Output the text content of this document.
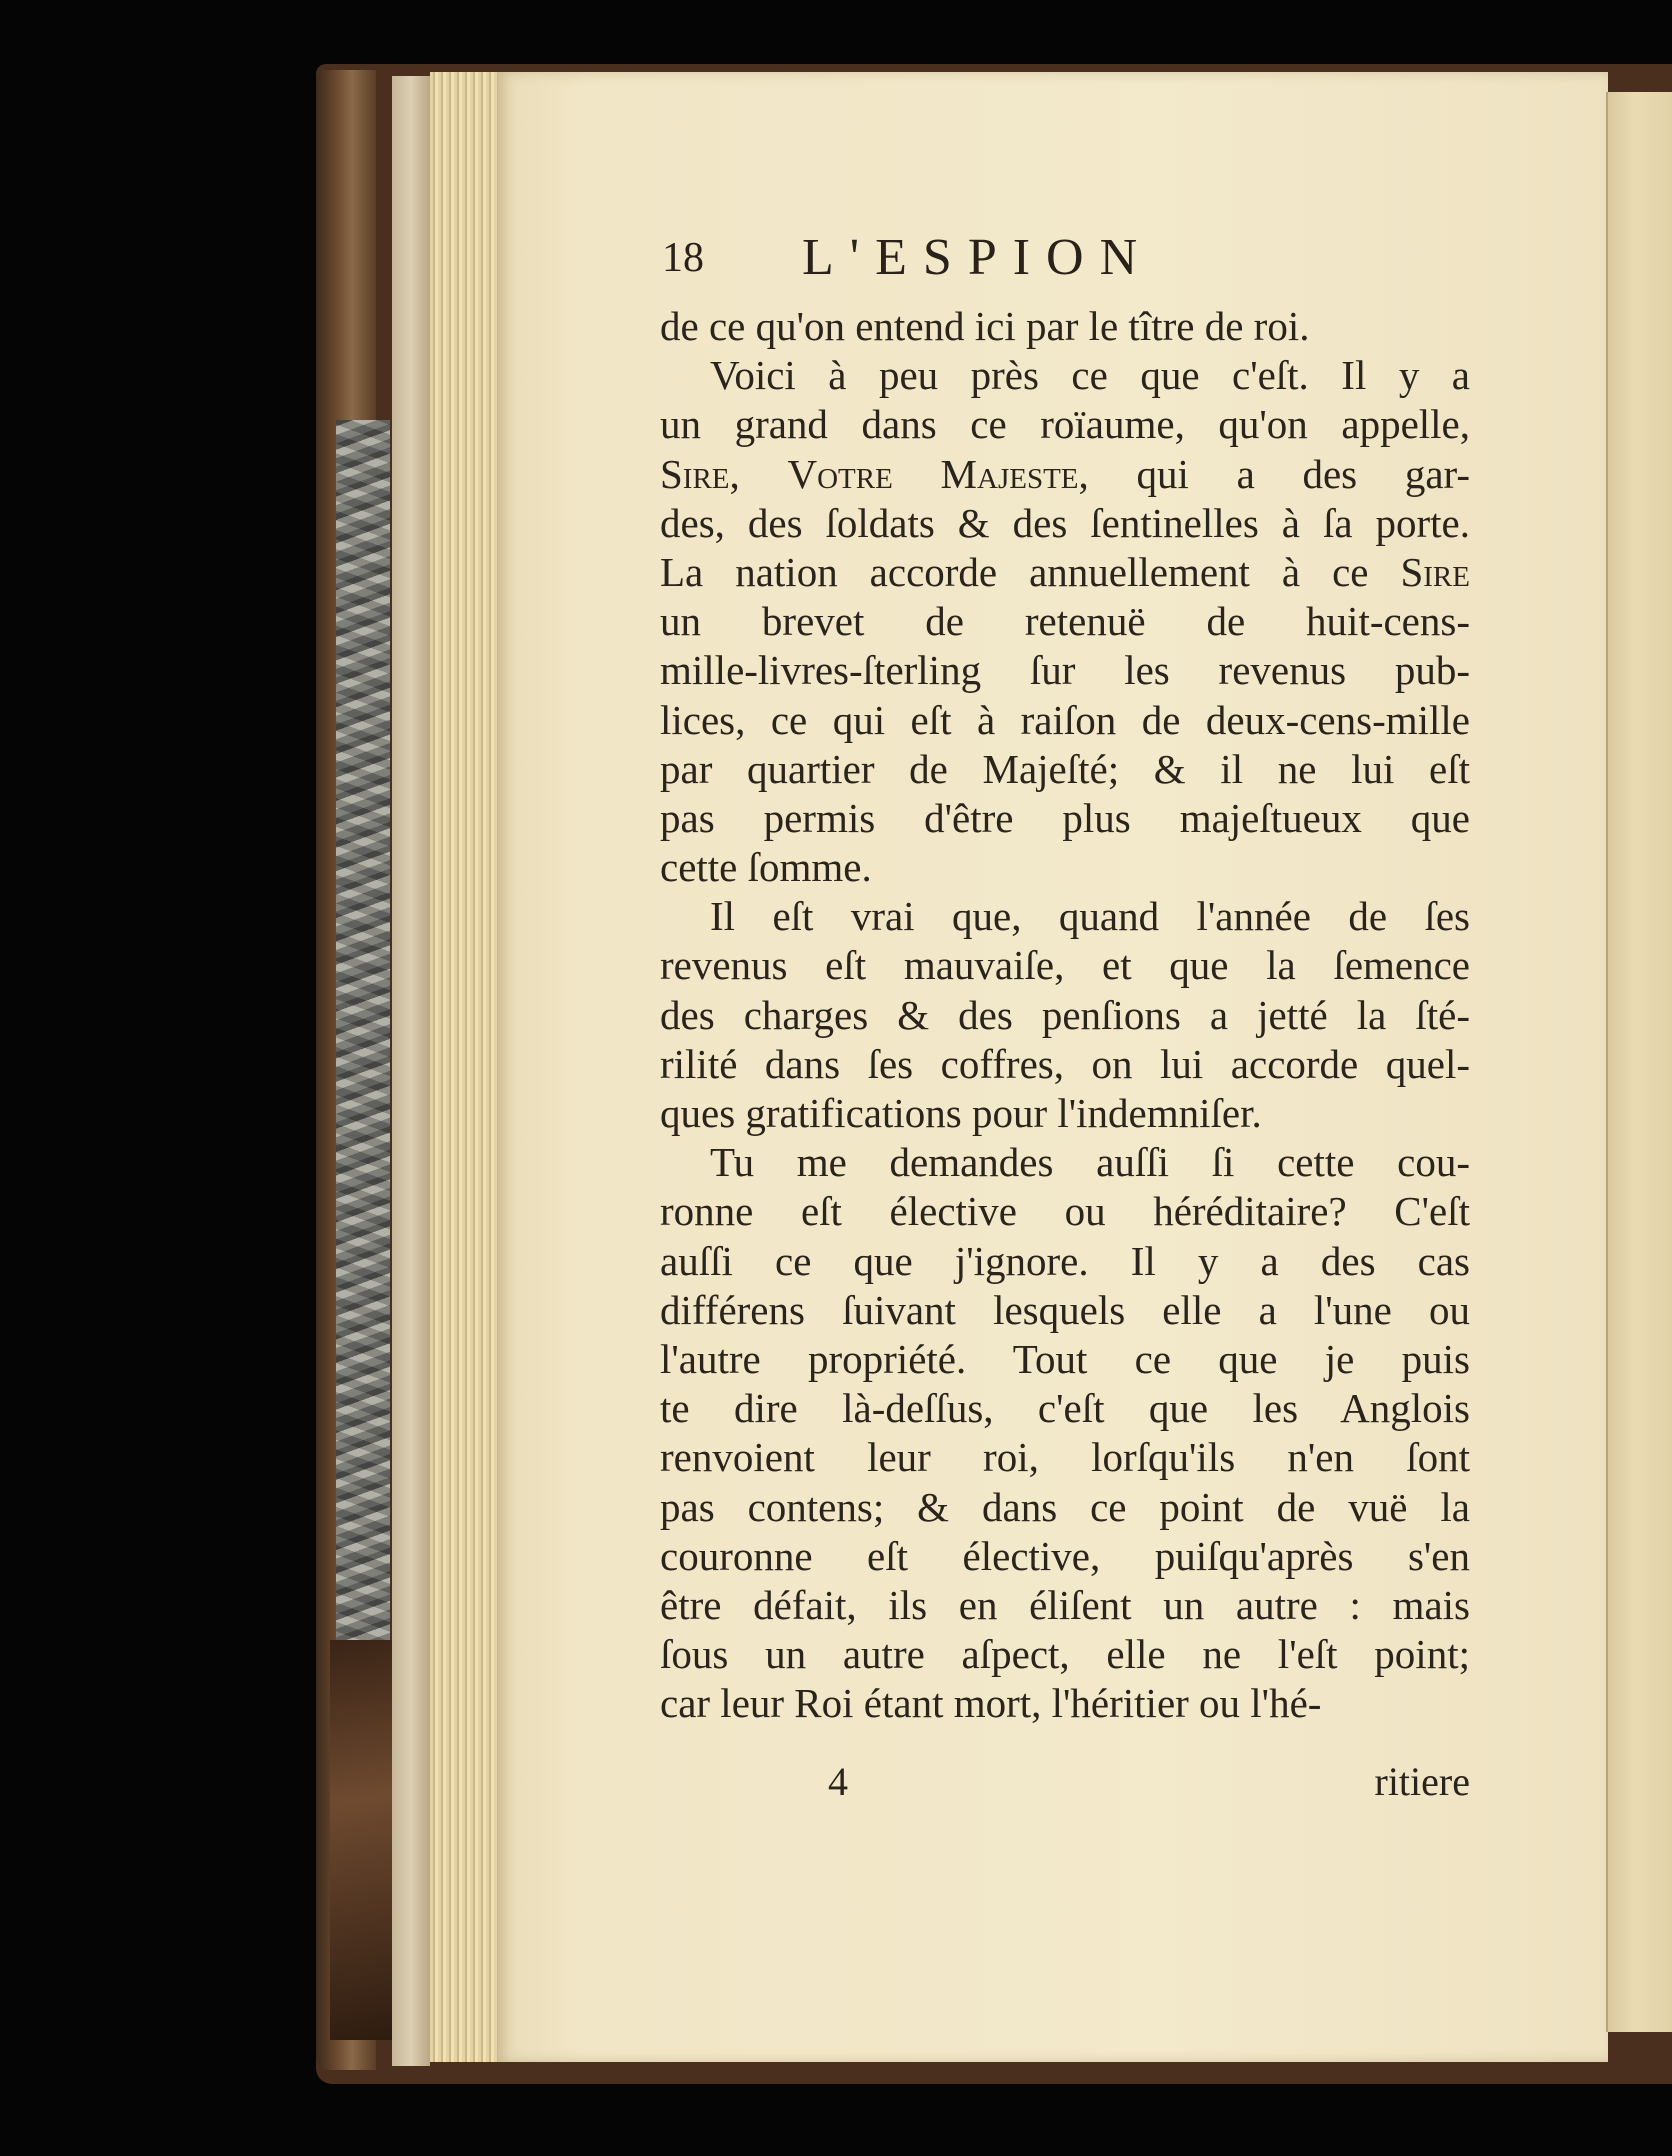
18 L'ESPION
de ce qu'on entend ici par le tître de roi.
Voici à peu près ce que c'eſt. Il y a
un grand dans ce roïaume, qu'on appelle,
Sire, Votre Majeste, qui a des gar-
des, des ſoldats & des ſentinelles à ſa porte.
La nation accorde annuellement à ce Sire
un brevet de retenuë de huit-cens-
mille-livres-ſterling ſur les revenus pub-
lices, ce qui eſt à raiſon de deux-cens-mille
par quartier de Majeſté; & il ne lui eſt
pas permis d'être plus majeſtueux que
cette ſomme.
Il eſt vrai que, quand l'année de ſes
revenus eſt mauvaiſe, et que la ſemence
des charges & des penſions a jetté la ſté-
rilité dans ſes coffres, on lui accorde quel-
ques gratifications pour l'indemniſer.
Tu me demandes auſſi ſi cette cou-
ronne eſt élective ou héréditaire? C'eſt
auſſi ce que j'ignore. Il y a des cas
différens ſuivant lesquels elle a l'une ou
l'autre propriété. Tout ce que je puis
te dire là-deſſus, c'eſt que les Anglois
renvoient leur roi, lorſqu'ils n'en ſont
pas contens; & dans ce point de vuë la
couronne eſt élective, puiſqu'après s'en
être défait, ils en éliſent un autre : mais
ſous un autre aſpect, elle ne l'eſt point;
car leur Roi étant mort, l'héritier ou l'hé-
4	ritiere
